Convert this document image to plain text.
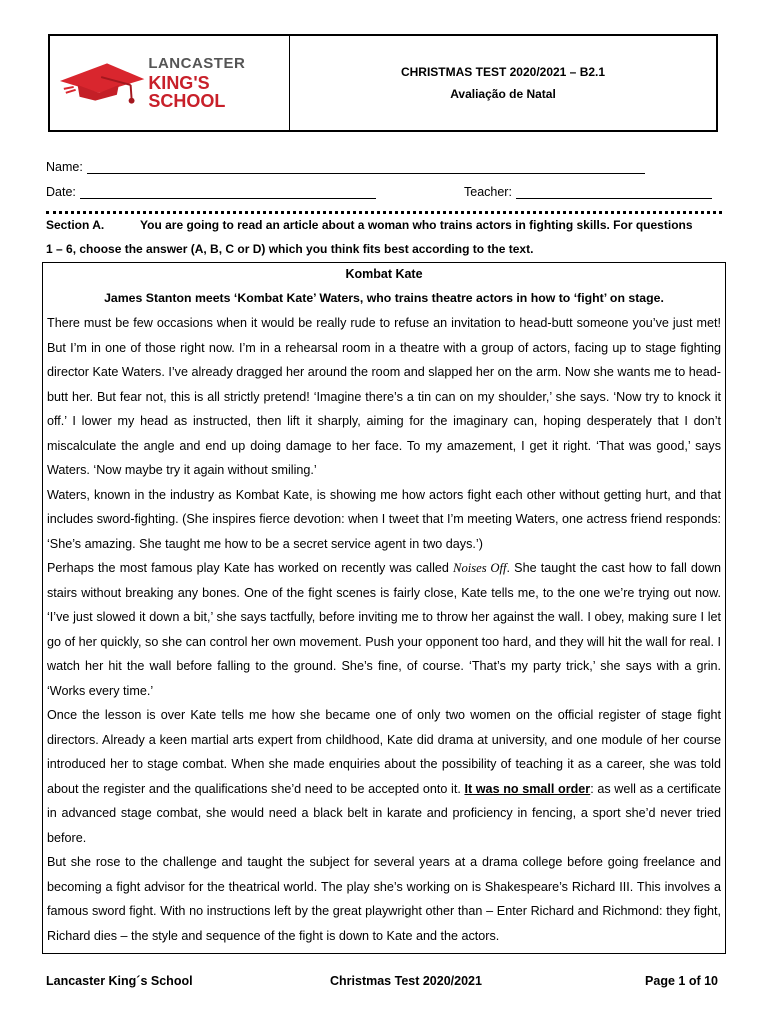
LANCASTER
KING'S SCHOOL
CHRISTMAS TEST 2020/2021 – B2.1
Avaliação de Natal
Name:
Date:	Teacher:
Section A.	You are going to read an article about a woman who trains actors in fighting skills. For questions
1 – 6, choose the answer (A, B, C or D) which you think fits best according to the text.
Kombat Kate
James Stanton meets ‘Kombat Kate’ Waters, who trains theatre actors in how to ‘fight’ on stage.

There must be few occasions when it would be really rude to refuse an invitation to head-butt someone you’ve just met! But I’m in one of those right now. I’m in a rehearsal room in a theatre with a group of actors, facing up to stage fighting director Kate Waters. I’ve already dragged her around the room and slapped her on the arm. Now she wants me to head-butt her. But fear not, this is all strictly pretend! ‘Imagine there’s a tin can on my shoulder,’ she says. ‘Now try to knock it off.’ I lower my head as instructed, then lift it sharply, aiming for the imaginary can, hoping desperately that I don’t miscalculate the angle and end up doing damage to her face. To my amazement, I get it right. ‘That was good,’ says Waters. ‘Now maybe try it again without smiling.’

Waters, known in the industry as Kombat Kate, is showing me how actors fight each other without getting hurt, and that includes sword-fighting. (She inspires fierce devotion: when I tweet that I’m meeting Waters, one actress friend responds: ‘She’s amazing. She taught me how to be a secret service agent in two days.’)

Perhaps the most famous play Kate has worked on recently was called Noises Off. She taught the cast how to fall down stairs without breaking any bones. One of the fight scenes is fairly close, Kate tells me, to the one we’re trying out now. ‘I’ve just slowed it down a bit,’ she says tactfully, before inviting me to throw her against the wall. I obey, making sure I let go of her quickly, so she can control her own movement. Push your opponent too hard, and they will hit the wall for real. I watch her hit the wall before falling to the ground. She’s fine, of course. ‘That’s my party trick,’ she says with a grin. ‘Works every time.’

Once the lesson is over Kate tells me how she became one of only two women on the official register of stage fight directors. Already a keen martial arts expert from childhood, Kate did drama at university, and one module of her course introduced her to stage combat. When she made enquiries about the possibility of teaching it as a career, she was told about the register and the qualifications she’d need to be accepted onto it. It was no small order: as well as a certificate in advanced stage combat, she would need a black belt in karate and proficiency in fencing, a sport she’d never tried before.

But she rose to the challenge and taught the subject for several years at a drama college before going freelance and becoming a fight advisor for the theatrical world. The play she’s working on is Shakespeare’s Richard III. This involves a famous sword fight. With no instructions left by the great playwright other than – Enter Richard and Richmond: they fight, Richard dies – the style and sequence of the fight is down to Kate and the actors.

Lancaster King´s School	Christmas Test 2020/2021	Page 1 of 10
